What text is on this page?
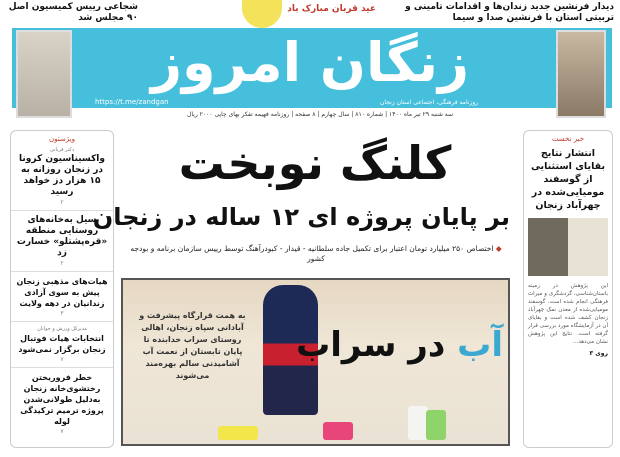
دیدار فرنشین جدید زندان‌ها و اقدامات تامینی و تربیتی استان با فرنشین صدا و سیما
شجاعی رییس کمیسیون اصل ۹۰ مجلس شد
عید قربان مبارک باد
زنگان امروز
https://t.me/zandgan	روزنامه فرهنگی، اجتماعی استان زنجان
سه شنبه ۲۹ تیر ماه ۱۴۰۰ | شماره ۸۱۰ | سال چهارم | ۸ صفحه | روزنامه فهیمه تفکر بهای چاپی ۲۰۰۰ ریال
ویژستون
دکتر قربانی
واکسیناسیون کرونا در زنجان روزانه به ۱۵ هزار دز خواهد رسید
۲
سیل به‌خانه‌های روستایی منطقه «قره‌پشتلو» خسارت زد
۲
هیات‌های مذهبی زنجان پیش به سوی آزادی زندانیان در دهه ولایت
۳
مدیرکل ورزش و جوانان
انتخابات هیات فوتبال زنجان برگزار نمی‌شود
۷
خطر فروریختن رختشوی‌خانه زنجان به‌دلیل طولانی‌شدن پروژه ترمیم ترکیدگی لوله
۷
کلنگ نوبخت
بر پایان پروژه ای ۱۲ ساله در زنجان
◆ اختصاص ۲۵۰ میلیارد تومان اعتبار برای تکمیل جاده سلطانیه - قیدار - کبودرآهنگ توسط رییس سازمان برنامه و بودجه کشور
به همت قرارگاه پیشرفت و آبادانی سپاه زنجان، اهالی روستای سراب خدابنده تا پایان تابستان از نعمت آب آشامیدنی سالم بهره‌مند می‌شوند
آب در سراب
خبر نخست
انتشار نتایج بقایای استثنایی از گوسفند مومیایی‌شده در چهرآباد زنجان
این پژوهش در زمینه باستان‌شناسی، گردشگری و میراث فرهنگی انجام شده است. گوسفند مومیایی‌شده از معدن نمک چهرآباد زنجان کشف شده است و بقایای آن در آزمایشگاه مورد بررسی قرار گرفته است. نتایج این پژوهش نشان می‌دهد...
روی ۳
